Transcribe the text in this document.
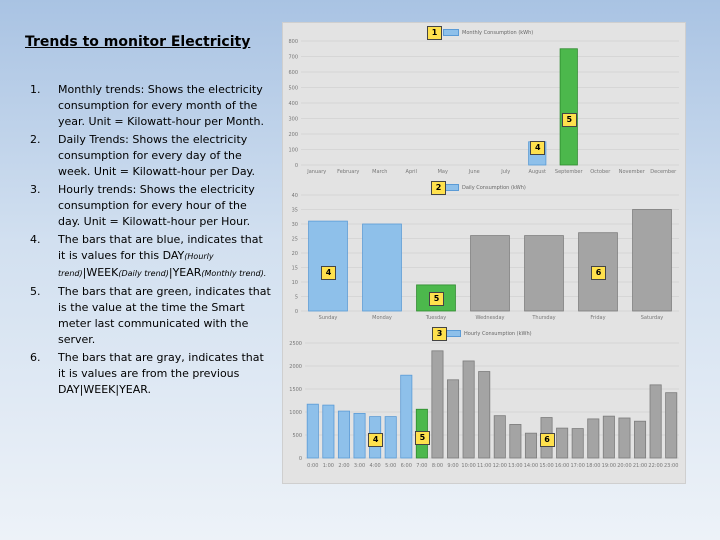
Trends to monitor Electricity
1. Monthly trends: Shows the electricity consumption for every month of the year. Unit = Kilowatt-hour per Month.
2. Daily Trends: Shows the electricity consumption for every day of the week. Unit = Kilowatt-hour per Day.
3. Hourly trends: Shows the electricity consumption for every hour of the day. Unit = Kilowatt-hour per Hour.
4. The bars that are blue, indicates that it is values for this DAY(Hourly trend)|WEEK(Daily trend)|YEAR(Monthly trend).
5. The bars that are green, indicates that is the value at the time the Smart meter last communicated with the server.
6. The bars that are gray, indicates that it is values are from the previous DAY|WEEK|YEAR.
0
100
200
300
400
500
600
700
800
January February	March	April	May	June	July	August September October November December
0
5
10
15
20
25
30
35
40
Sunday	Monday	Tuesday	Wednesday	Thursday	Friday	Saturday
0
500
1000
1500
2000
2500
0:00 1:00 2:00 3:00 4:00 5:00 6:00 7:00 8:00 9:00 10:00 11:00 12:00 13:00 14:00 15:00 16:00 17:00 18:00 19:00 20:00 21:00 22:00 23:00
Monthly Consumption (kWh)
1
4
5
Daily Consumption (kWh)
2
4
5
6
Hourly Consumption (kWh)
3
4	5	6
